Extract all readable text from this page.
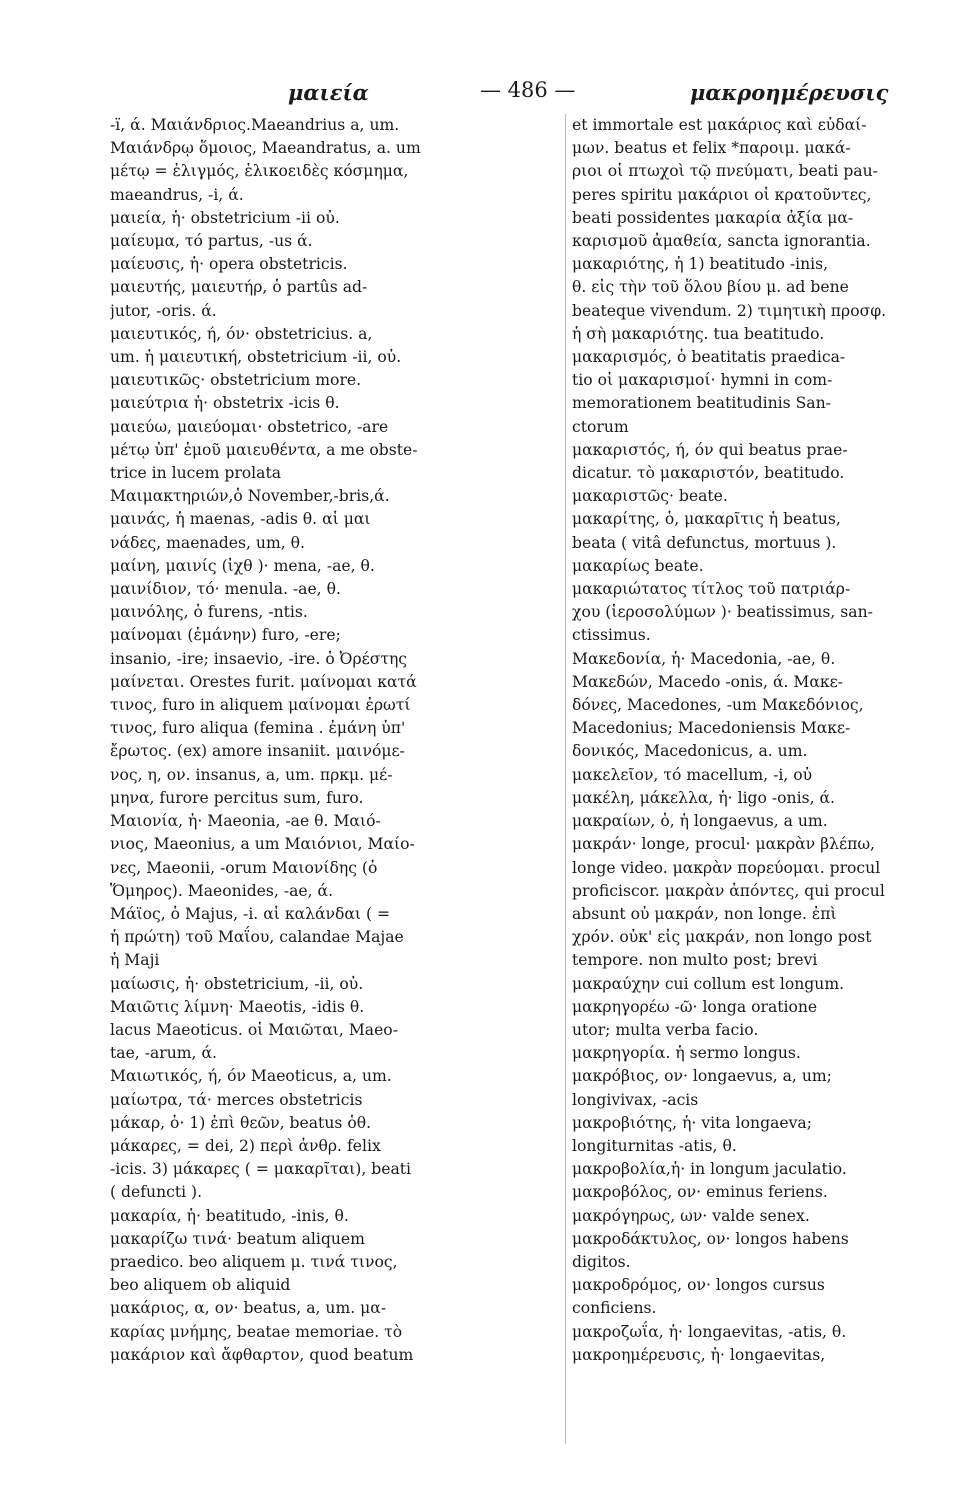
μαιεία	— 486 —	μακροημέρευσις
-ï, ά. Μαιάνδριος.Maeandrius a, um.
Μαιάνδρῳ ὅμοιος, Maeandratus, a. um
μέτῳ = ἑλιγμός, ἑλικοειδὲς κόσμημα,
maeandrus, -i, ά.
μαιεία, ἡ· obstetricium -ii οὐ.
μαίευμα, τό partus, -us ά.
μαίευσις, ἡ· opera obstetricis.
μαιευτής, μαιευτήρ, ὁ partûs ad-
jutor, -oris. ά.
μαιευτικός, ή, όν· obstetricius. a,
um. ἡ μαιευτική, obstetricium -ii, οὐ.
μαιευτικῶς· obstetricium more.
μαιεύτρια ἡ· obstetrix -icis θ.
μαιεύω, μαιεύομαι· obstetrico, -are
μέτῳ ὑπ' ἐμοῦ μαιευθέντα, a me obste-
trice in lucem prolata
Μαιμακτηριών,ὁ November,-bris,ά.
μαινάς, ἡ maenas, -adis θ. αἱ μαι
νάδες, maenades, um, θ.
μαίνη, μαινίς (ἰχθ )· mena, -ae, θ.
μαινίδιον, τό· menula. -ae, θ.
μαινόλης, ὁ furens, -ntis.
μαίνομαι (ἐμάνην) furo, -ere;
insanio, -ire; insaevio, -ire. ὁ Ὀρέστης
μαίνεται. Orestes furit. μαίνομαι κατά
τινος, furo in aliquem μαίνομαι ἐρωτί
τινος, furo aliqua (femina . ἐμάνη ὑπ'
ἔρωτος. (ex) amore insaniit. μαινόμε-
νος, η, ον. insanus, a, um. πρκμ. μέ-
μηνα, furore percitus sum, furo.
Μαιονία, ἡ· Maeonia, -ae θ. Μαιό-
νιος, Maeonius, a um Μαιόνιοι, Μαίο-
νες, Maeonii, -orum Μαιονίδης (ὁ
Ὅμηρος). Maeonides, -ae, ά.
Μάϊος, ὁ Majus, -i. αἱ καλάνδαι ( =
ἡ πρώτη) τοῦ Μαΐου, calandae Majae
ἡ Maji
μαίωσις, ἡ· obstetricium, -ii, οὐ.
Μαιῶτις λίμνη· Maeotis, -idis θ.
lacus Maeoticus. οἱ Μαιῶται, Maeo-
tae, -arum, ά.
Μαιωτικός, ή, όν Maeoticus, a, um.
μαίωτρα, τά· merces obstetricis
μάκαρ, ὁ· 1) ἐπὶ θεῶν, beatus ὁθ.
μάκαρες, = dei, 2) περὶ ἀνθρ. felix
-icis. 3) μάκαρες ( = μακαρῖται), beati
( defuncti ).
μακαρία, ἡ· beatitudo, -inis, θ.
μακαρίζω τινά· beatum aliquem
praedico. beo aliquem μ. τινά τινος,
beo aliquem ob aliquid
μακάριος, α, ον· beatus, a, um. μα-
καρίας μνήμης, beatae memoriae. τὸ
μακάριον καὶ ἄφθαρτον, quod beatum
et immortale est μακάριος καὶ εὐδαί-
μων. beatus et felix *παροιμ. μακά-
ριοι οἱ πτωχοὶ τῷ πνεύματι, beati pau-
peres spiritu μακάριοι οἱ κρατοῦντες,
beati possidentes μακαρία ἀξία μα-
καρισμοῦ ἀμαθεία, sancta ignorantia.
μακαριότης, ἡ 1) beatitudo -inis,
θ. εἰς τὴν τοῦ ὅλου βίου μ. ad bene
beateque vivendum. 2) τιμητικὴ προσφ.
ἡ σὴ μακαριότης. tua beatitudo.
μακαρισμός, ὁ beatitatis praedica-
tio οἱ μακαρισμοί· hymni in com-
memorationem beatitudinis San-
ctorum
μακαριστός, ή, όν qui beatus prae-
dicatur. τὸ μακαριστόν, beatitudo.
μακαριστῶς· beate.
μακαρίτης, ὁ, μακαρῖτις ἡ beatus,
beata ( vitâ defunctus, mortuus ).
μακαρίως beate.
μακαριώτατος τίτλος τοῦ πατριάρ-
χου (ἱεροσολύμων )· beatissimus, san-
ctissimus.
Μακεδονία, ἡ· Macedonia, -ae, θ.
Μακεδών, Macedo -onis, ά. Μακε-
δόνες, Macedones, -um Μακεδόνιος,
Macedonius; Macedoniensis Μακε-
δονικός, Macedonicus, a. um.
μακελεῖον, τό macellum, -i, οὐ
μακέλη, μάκελλα, ἡ· ligo -onis, ά.
μακραίων, ὁ, ἡ longaevus, a um.
μακράν· longe, procul· μακρὰν βλέπω,
longe video. μακρὰν πορεύομαι. procul
proficiscor. μακρὰν ἀπόντες, qui procul
absunt οὐ μακράν, non longe. ἐπὶ
χρόν. οὐκ' εἰς μακράν, non longo post
tempore. non multo post; brevi
μακραύχην cui collum est longum.
μακρηγορέω -ῶ· longa oratione
utor; multa verba facio.
μακρηγορία. ἡ sermo longus.
μακρόβιος, ον· longaevus, a, um;
longivivax, -acis
μακροβιότης, ἡ· vita longaeva;
longiturnitas -atis, θ.
μακροβολία,ἡ· in longum jaculatio.
μακροβόλος, ον· eminus feriens.
μακρόγηρως, ων· valde senex.
μακροδάκτυλος, ον· longos habens
digitos.
μακροδρόμος, ον· longos cursus
conficiens.
μακροζωΐα, ἡ· longaevitas, -atis, θ.
μακροημέρευσις, ἡ· longaevitas,
